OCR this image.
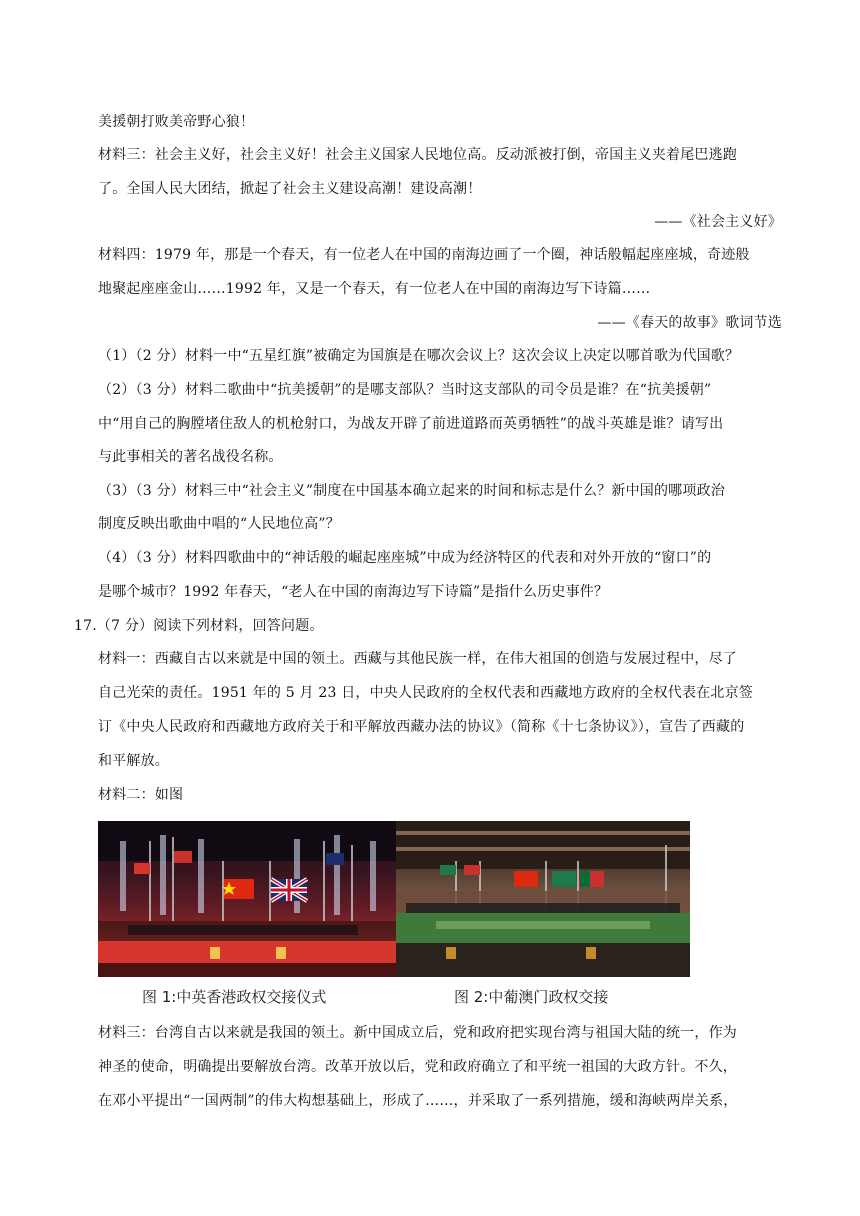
美援朝打败美帝野心狼！
材料三：社会主义好，社会主义好！社会主义国家人民地位高。反动派被打倒，帝国主义夹着尾巴逃跑
了。全国人民大团结，掀起了社会主义建设高潮！建设高潮！
——《社会主义好》
材料四：1979 年，那是一个春天，有一位老人在中国的南海边画了一个圈，神话般幅起座座城，奇迹般
地聚起座座金山……1992 年，又是一个春天，有一位老人在中国的南海边写下诗篇……
——《春天的故事》歌词节选
（1）（2 分）材料一中“五星红旗”被确定为国旗是在哪次会议上？这次会议上决定以哪首歌为代国歌？
（2）（3 分）材料二歌曲中“抗美援朝”的是哪支部队？当时这支部队的司令员是谁？在“抗美援朝”
中“用自己的胸膛堵住敌人的机枪射口，为战友开辟了前进道路而英勇牺牲”的战斗英雄是谁？请写出
与此事相关的著名战役名称。
（3）（3 分）材料三中“社会主义”制度在中国基本确立起来的时间和标志是什么？新中国的哪项政治
制度反映出歌曲中唱的“人民地位高”？
（4）（3 分）材料四歌曲中的“神话般的崛起座座城”中成为经济特区的代表和对外开放的“窗口”的
是哪个城市？1992 年春天，“老人在中国的南海边写下诗篇”是指什么历史事件？
17.（7 分）阅读下列材料，回答问题。
材料一：西藏自古以来就是中国的领土。西藏与其他民族一样，在伟大祖国的创造与发展过程中，尽了
自己光荣的责任。1951 年的 5 月 23 日，中央人民政府的全权代表和西藏地方政府的全权代表在北京签
订《中央人民政府和西藏地方政府关于和平解放西藏办法的协议》（简称《十七条协议》），宣告了西藏的
和平解放。
材料二：如图
图 1:中英香港政权交接仪式	图 2:中葡澳门政权交接
材料三：台湾自古以来就是我国的领土。新中国成立后，党和政府把实现台湾与祖国大陆的统一，作为
神圣的使命，明确提出要解放台湾。改革开放以后，党和政府确立了和平统一祖国的大政方针。不久，
在邓小平提出“一国两制”的伟大构想基础上，形成了……，并采取了一系列措施，缓和海峡两岸关系，
